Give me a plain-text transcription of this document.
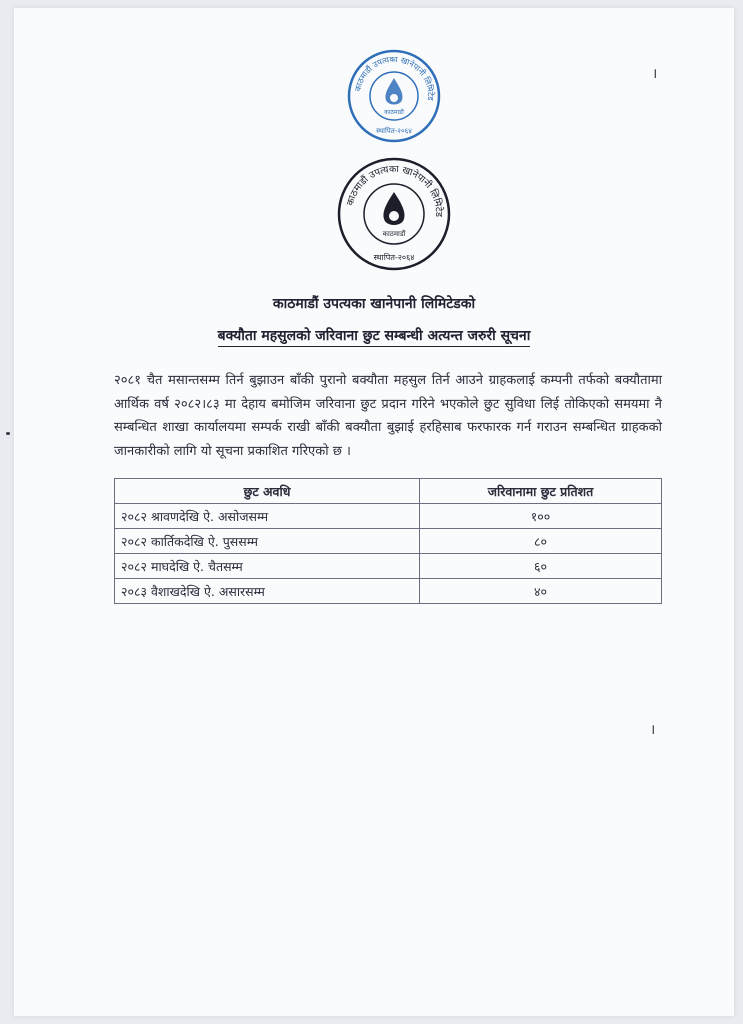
काठमाडौं उपत्यका खानेपानी लिमिटेड
काठमाडौं
स्थापित-२०६४
काठमाडौं उपत्यका खानेपानी लिमिटेड
काठमाडौं
स्थापित-२०६४
।
काठमाडौं उपत्यका खानेपानी लिमिटेडको
बक्यौता महसुलको जरिवाना छुट सम्बन्धी अत्यन्त जरुरी सूचना

२०८१ चैत मसान्तसम्म तिर्न बुझाउन बाँकी पुरानो बक्यौता महसुल तिर्न आउने ग्राहकलाई कम्पनी तर्फको बक्यौतामा आर्थिक वर्ष २०८२।८३ मा देहाय बमोजिम जरिवाना छुट प्रदान गरिने भएकोले छुट सुविधा लिई तोकिएको समयमा नै सम्बन्धित शाखा कार्यालयमा सम्पर्क राखी बाँकी बक्यौता बुझाई हरहिसाब फरफारक गर्न गराउन सम्बन्धित ग्राहकको जानकारीको लागि यो सूचना प्रकाशित गरिएको छ ।

छुट अवधि	जरिवानामा छुट प्रतिशत
२०८२ श्रावणदेखि ऐ. असोजसम्म	१००
२०८२ कार्तिकदेखि ऐ. पुससम्म	८०
२०८२ माघदेखि ऐ. चैतसम्म	६०
२०८३ वैशाखदेखि ऐ. असारसम्म	४०
।
